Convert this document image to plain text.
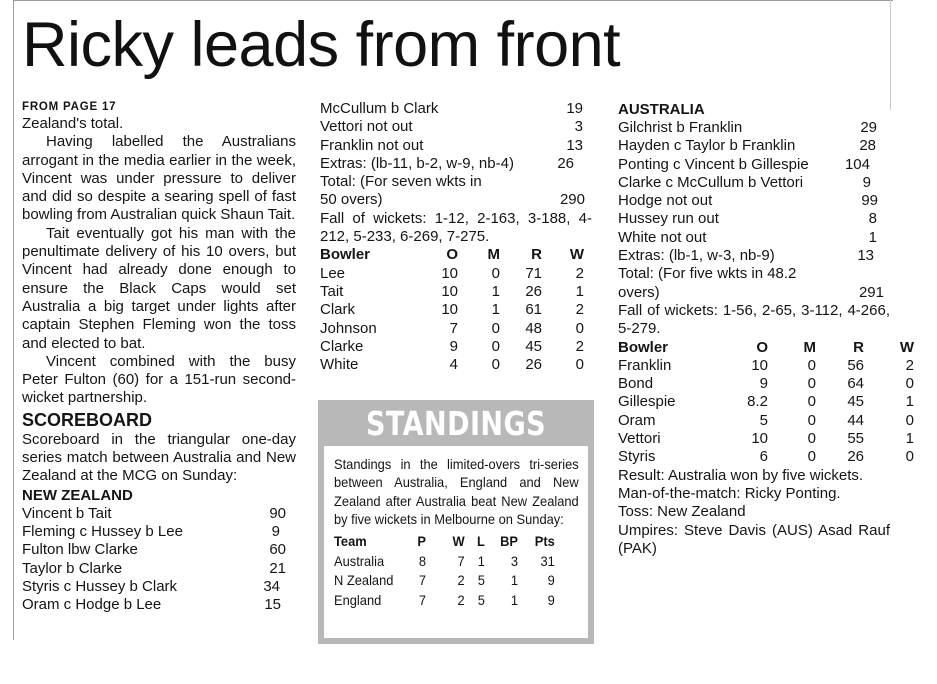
Ricky leads from front
FROM PAGE 17

Zealand's total.

Having labelled the Australians arrogant in the media earlier in the week, Vincent was under pressure to deliver and did so despite a searing spell of fast bowling from Australian quick Shaun Tait.

Tait eventually got his man with the penultimate delivery of his 10 overs, but Vincent had already done enough to ensure the Black Caps would set Australia a big target under lights after captain Stephen Fleming won the toss and elected to bat.

Vincent combined with the busy Peter Fulton (60) for a 151-run second-wicket partnership.

SCOREBOARD

Scoreboard in the triangular one-day series match between Australia and New Zealand at the MCG on Sunday:

NEW ZEALAND
Vincent b Tait	90
Fleming c Hussey b Lee	9
Fulton lbw Clarke	60
Taylor b Clarke	21
Styris c Hussey b Clark	34
Oram c Hodge b Lee	15
McCullum b Clark	19
Vettori not out	3
Franklin not out	13
Extras: (lb-11, b-2, w-9, nb-4)	26
Total: (For seven wkts in
50 overs)	290

Fall of wickets: 1-12, 2-163, 3-188, 4-212, 5-233, 6-269, 7-275.

Bowler	O	M	R	W
Lee	10	0	71	2
Tait	10	1	26	1
Clark	10	1	61	2
Johnson	7	0	48	0
Clarke	9	0	45	2
White	4	0	26	0
STANDINGS

Standings in the limited-overs tri-series between Australia, England and New Zealand after Australia beat New Zealand by five wickets in Melbourne on Sunday:

Team	P	W L	BP	Pts
Australia	8	7 1	3	31
N Zealand	7	2 5	1	9
England	7	2 5	1	9
AUSTRALIA
Gilchrist b Franklin	29
Hayden c Taylor b Franklin	28
Ponting c Vincent b Gillespie 104
Clarke c McCullum b Vettori	9
Hodge not out	99
Hussey run out	8
White not out	1
Extras: (lb-1, w-3, nb-9)	13
Total: (For five wkts in 48.2
overs)	291

Fall of wickets: 1-56, 2-65, 3-112, 4-266, 5-279.

Bowler	O	M	R	W
Franklin	10	0	56	2
Bond	9	0	64	0
Gillespie	8.2	0	45	1
Oram	5	0	44	0
Vettori	10	0	55	1
Styris	6	0	26	0
Result: Australia won by five wickets.
Man-of-the-match: Ricky Ponting.
Toss: New Zealand

Umpires: Steve Davis (AUS) Asad Rauf (PAK)
